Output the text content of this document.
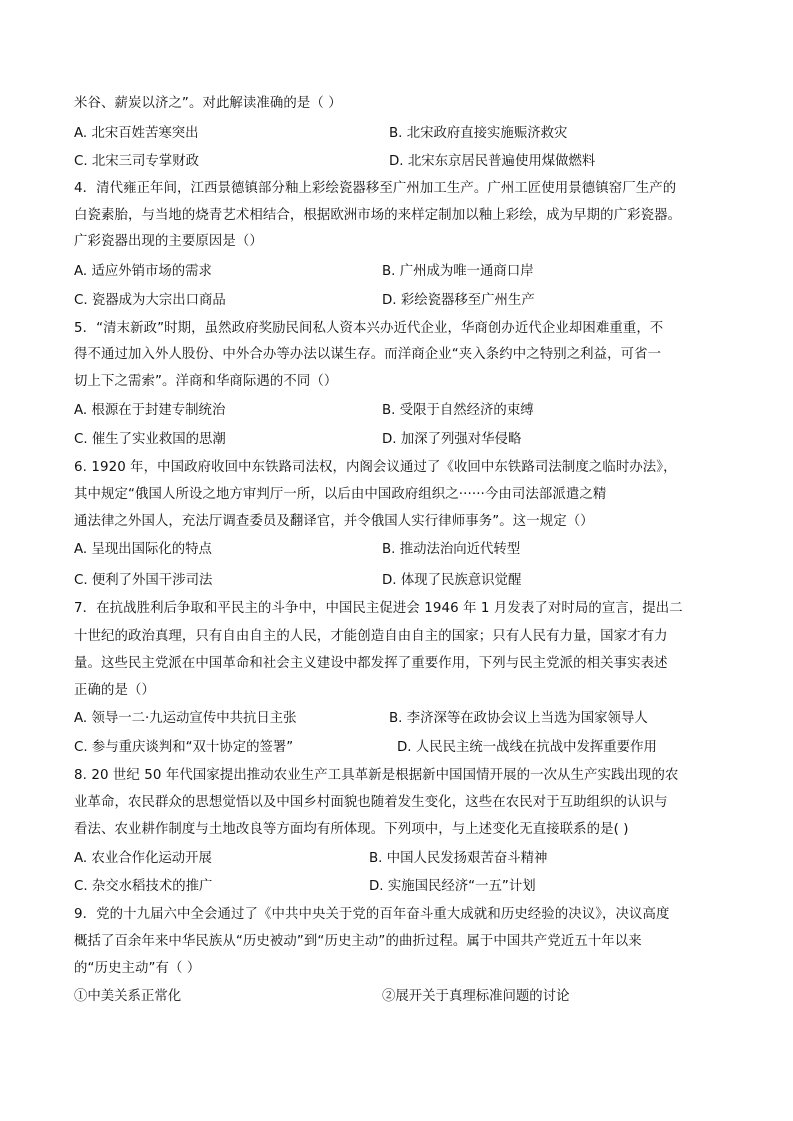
米谷、薪炭以济之”。对此解读准确的是（ ）
A. 北宋百姓苦寒突出	B. 北宋政府直接实施赈济救灾
C. 北宋三司专掌财政	D. 北宋东京居民普遍使用煤做燃料
4．清代雍正年间，江西景德镇部分釉上彩绘瓷器移至广州加工生产。广州工匠使用景德镇窑厂生产的
白瓷素胎，与当地的烧青艺术相结合，根据欧洲市场的来样定制加以釉上彩绘，成为早期的广彩瓷器。
广彩瓷器出现的主要原因是（）
A. 适应外销市场的需求	B. 广州成为唯一通商口岸
C. 瓷器成为大宗出口商品	D. 彩绘瓷器移至广州生产
5．“清末新政”时期，虽然政府奖励民间私人资本兴办近代企业，华商创办近代企业却困难重重，不
得不通过加入外人股份、中外合办等办法以谋生存。而洋商企业“夹入条约中之特别之利益，可省一
切上下之需索”。洋商和华商际遇的不同（）
A. 根源在于封建专制统治	B. 受限于自然经济的束缚
C. 催生了实业救国的思潮	D. 加深了列强对华侵略
6. 1920 年，中国政府收回中东铁路司法权，内阁会议通过了《收回中东铁路司法制度之临时办法》，
其中规定“俄国人所设之地方审判厅一所，以后由中国政府组织之······今由司法部派遣之精
通法律之外国人，充法厅调查委员及翻译官，并令俄国人实行律师事务”。这一规定（）
A. 呈现出国际化的特点	B. 推动法治向近代转型
C. 便利了外国干涉司法	D. 体现了民族意识觉醒
7．在抗战胜利后争取和平民主的斗争中，中国民主促进会 1946 年 1 月发表了对时局的宣言，提出二
十世纪的政治真理，只有自由自主的人民，才能创造自由自主的国家；只有人民有力量，国家才有力
量。这些民主党派在中国革命和社会主义建设中都发挥了重要作用，下列与民主党派的相关事实表述
正确的是（）
A. 领导一二·九运动宣传中共抗日主张	B. 李济深等在政协会议上当选为国家领导人
C. 参与重庆谈判和“双十协定的签署”	D. 人民民主统一战线在抗战中发挥重要作用
8. 20 世纪 50 年代国家提出推动农业生产工具革新是根据新中国国情开展的一次从生产实践出现的农
业革命，农民群众的思想觉悟以及中国乡村面貌也随着发生变化，这些在农民对于互助组织的认识与
看法、农业耕作制度与土地改良等方面均有所体现。下列项中，与上述变化无直接联系的是( )
A. 农业合作化运动开展	B. 中国人民发扬艰苦奋斗精神
C. 杂交水稻技术的推广	D. 实施国民经济“一五”计划
9．党的十九届六中全会通过了《中共中央关于党的百年奋斗重大成就和历史经验的决议》，决议高度
概括了百余年来中华民族从“历史被动”到“历史主动”的曲折过程。属于中国共产党近五十年以来
的“历史主动”有（ ）
①中美关系正常化	②展开关于真理标准问题的讨论
